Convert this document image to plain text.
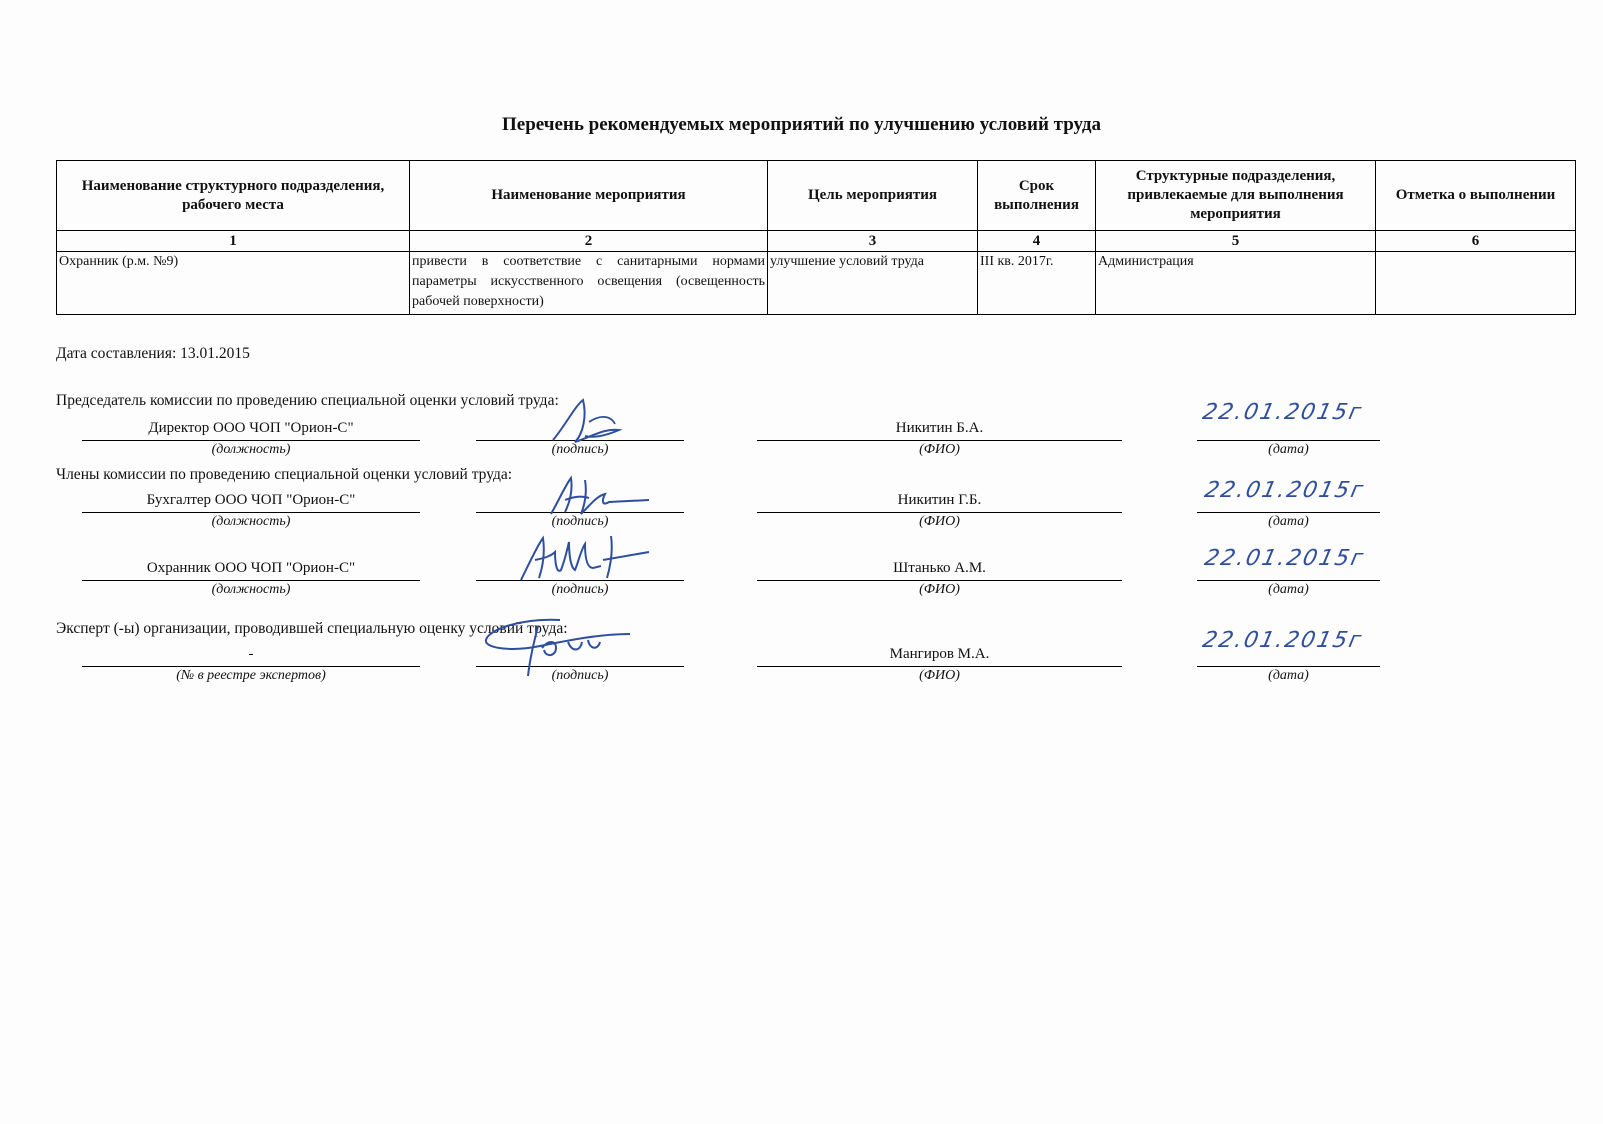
Перечень рекомендуемых мероприятий по улучшению условий труда
Наименование структурного подразделения, рабочего места	Наименование мероприятия	Цель мероприятия	Срок выполнения	Структурные подразделения, привлекаемые для выполнения мероприятия	Отметка о выполнении
1	2	3	4	5	6
Охранник (р.м. №9)	привести в соответствие с санитарными нормами параметры искусственного освещения (освещенность рабочей поверхности)	улучшение условий труда	III кв. 2017г.	Администрация	
Дата составления: 13.01.2015
Председатель комиссии по проведению специальной оценки условий труда:
Директор ООО ЧОП "Орион-С"
(должность)	(подпись)
Никитин Б.А.
(ФИО)	(дата)
22.01.2015г
Члены комиссии по проведению специальной оценки условий труда:
Бухгалтер ООО ЧОП "Орион-С"
(должность)	(подпись)
Никитин Г.Б.
(ФИО)	(дата)
22.01.2015г
Охранник ООО ЧОП "Орион-С"
(должность)	(подпись)
Штанько А.М.
(ФИО)	(дата)
22.01.2015г
Эксперт (-ы) организации, проводившей специальную оценку условий труда:
-
(№ в реестре экспертов)	(подпись)
Мангиров М.А.
(ФИО)	(дата)
22.01.2015г
